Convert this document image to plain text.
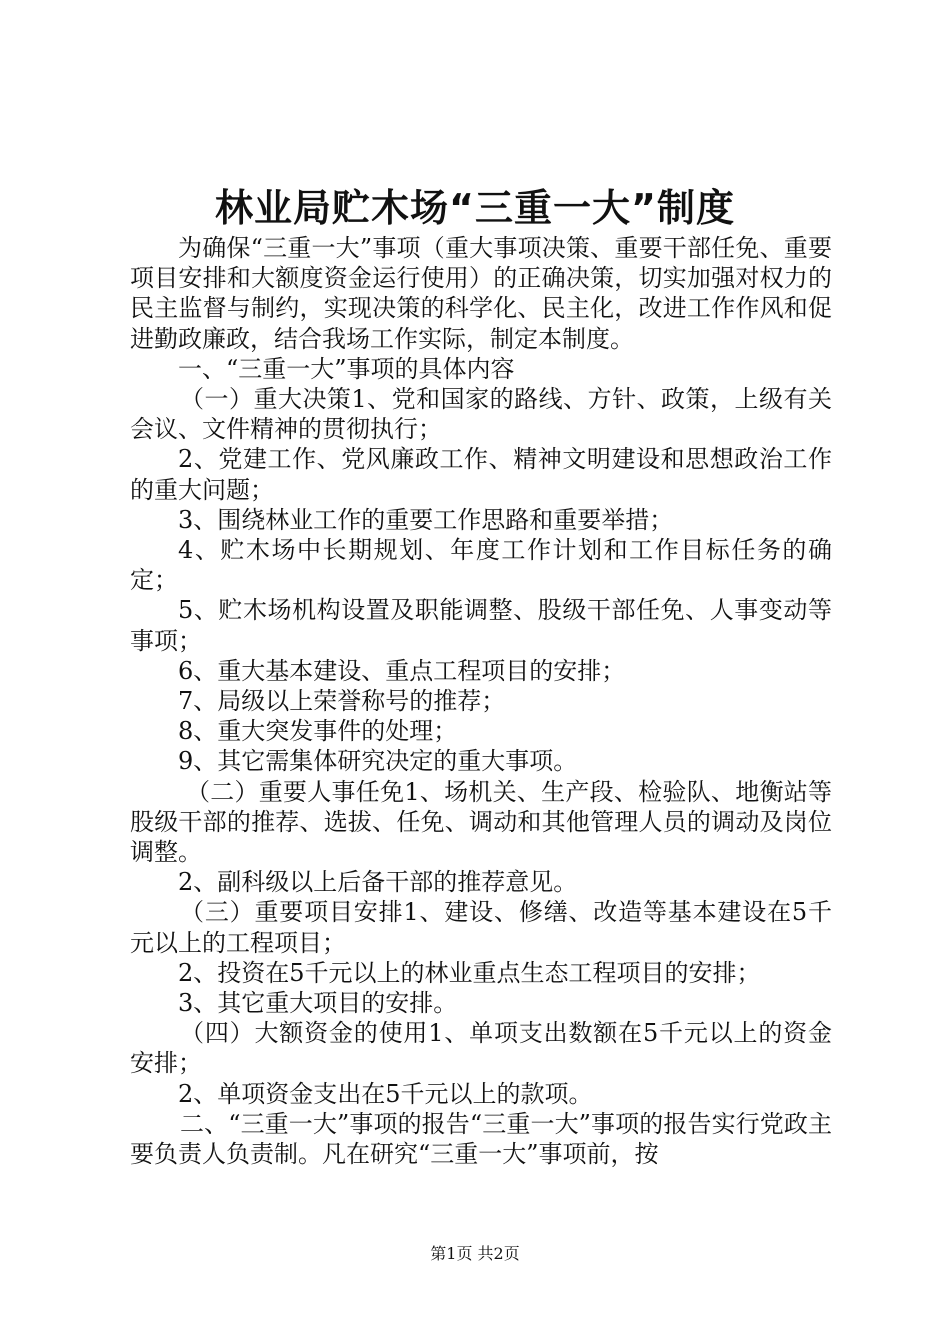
林业局贮木场“三重一大”制度

为确保“三重一大”事项（重大事项决策、重要干部任免、重要项目安排和大额度资金运行使用）的正确决策，切实加强对权力的民主监督与制约，实现决策的科学化、民主化，改进工作作风和促进勤政廉政，结合我场工作实际，制定本制度。

一、“三重一大”事项的具体内容

（一）重大决策1、党和国家的路线、方针、政策，上级有关会议、文件精神的贯彻执行；

2、党建工作、党风廉政工作、精神文明建设和思想政治工作的重大问题；

3、围绕林业工作的重要工作思路和重要举措；

4、贮木场中长期规划、年度工作计划和工作目标任务的确定；

5、贮木场机构设置及职能调整、股级干部任免、人事变动等事项；

6、重大基本建设、重点工程项目的安排；

7、局级以上荣誉称号的推荐；

8、重大突发事件的处理；

9、其它需集体研究决定的重大事项。

（二）重要人事任免1、场机关、生产段、检验队、地衡站等股级干部的推荐、选拔、任免、调动和其他管理人员的调动及岗位调整。

2、副科级以上后备干部的推荐意见。

（三）重要项目安排1、建设、修缮、改造等基本建设在5千元以上的工程项目；

2、投资在5千元以上的林业重点生态工程项目的安排；

3、其它重大项目的安排。

（四）大额资金的使用1、单项支出数额在5千元以上的资金安排；

2、单项资金支出在5千元以上的款项。

二、“三重一大”事项的报告“三重一大”事项的报告实行党政主要负责人负责制。凡在研究“三重一大”事项前，按

第1页 共2页
